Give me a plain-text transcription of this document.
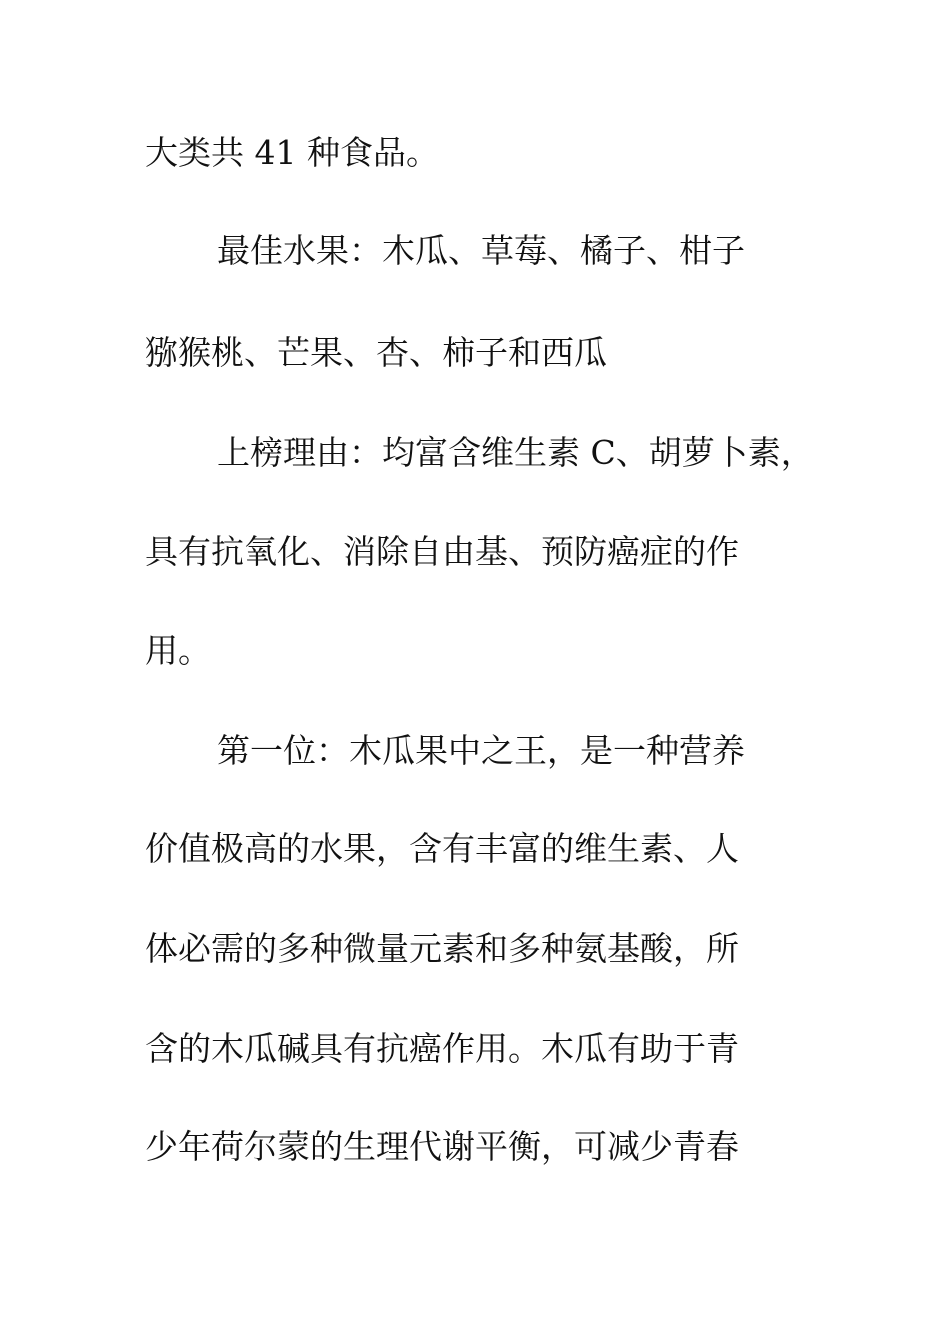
大类共 41 种食品。
最佳水果：木瓜、草莓、橘子、柑子
猕猴桃、芒果、杏、柿子和西瓜
上榜理由：均富含维生素 C、胡萝卜素，
具有抗氧化、消除自由基、预防癌症的作
用。
第一位：木瓜果中之王，是一种营养
价值极高的水果，含有丰富的维生素、人
体必需的多种微量元素和多种氨基酸，所
含的木瓜碱具有抗癌作用。木瓜有助于青
少年荷尔蒙的生理代谢平衡，可减少青春
